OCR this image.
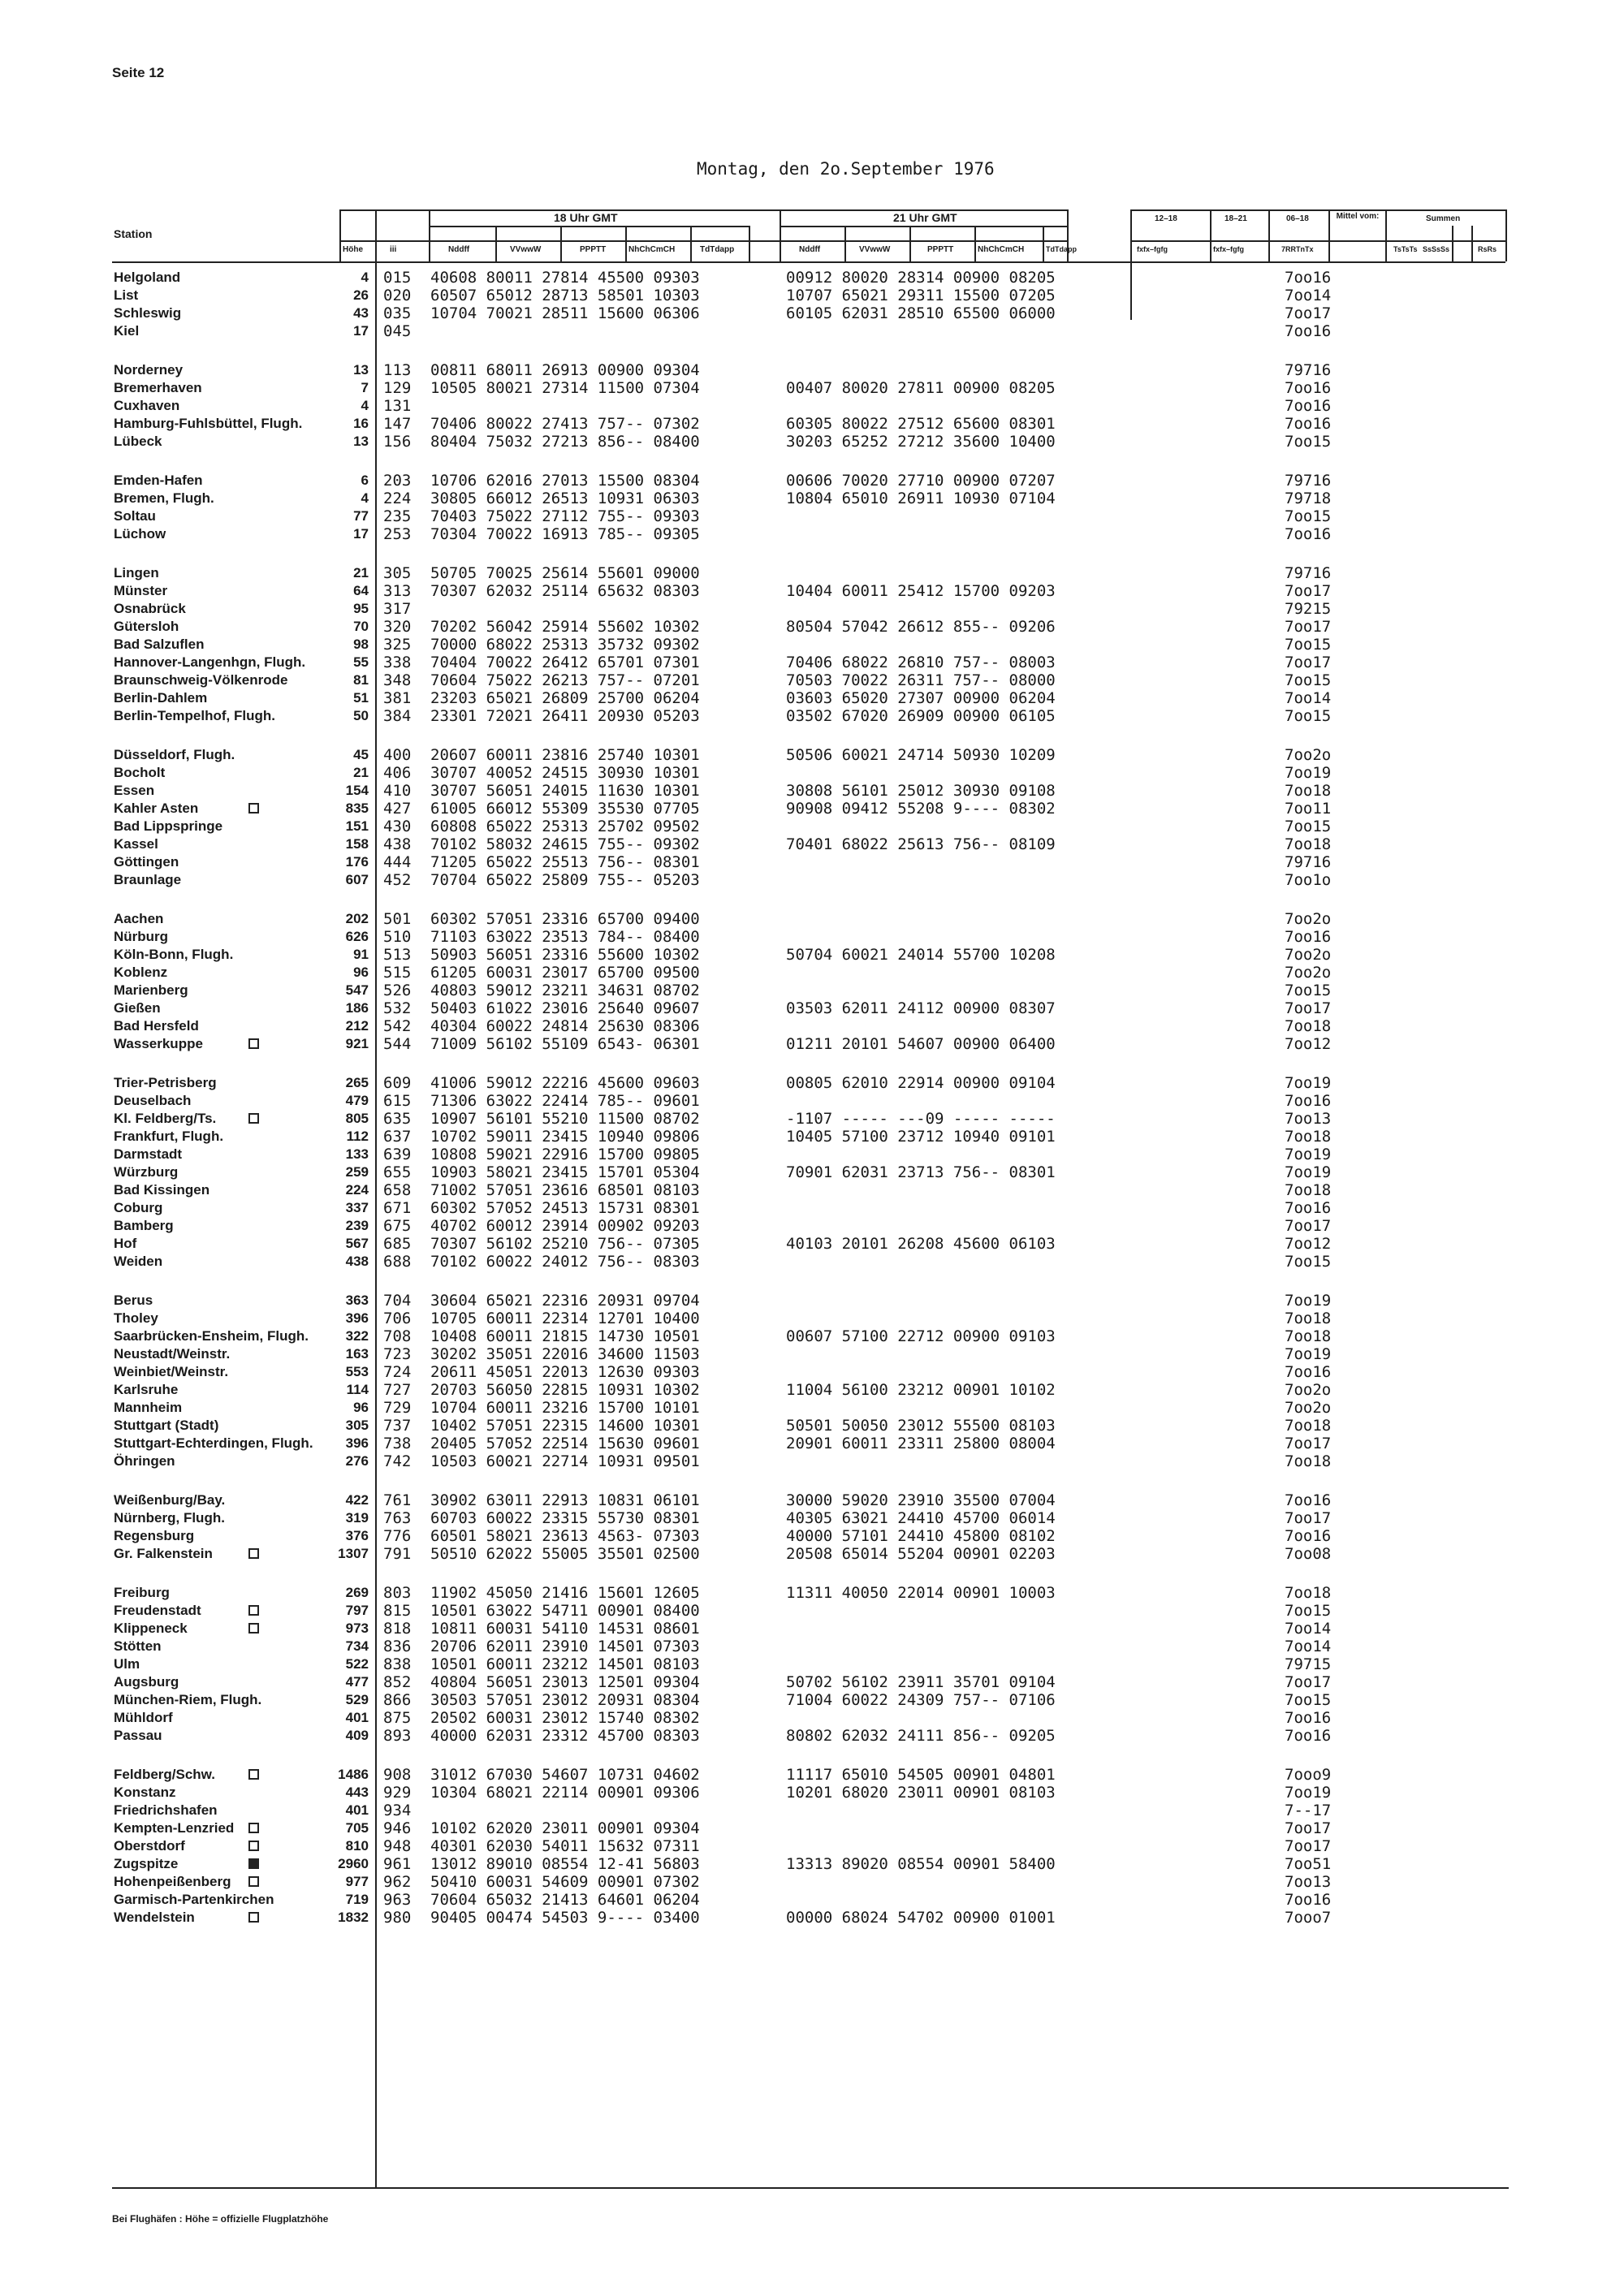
Seite 12
Montag, den 2o.September 1976
Station
Höhe	iii
18 Uhr GMT	21 Uhr GMT
Nddff	VVwwW	PPPTT	NhChCmCH	TdTdapp	Nddff	VVwwW	PPPTT	NhChCmCH	TdTdapp
12–18	18–21	06–18	Mittel vom:	Summen
fxfx–fgfg	fxfx–fgfg	7RRTnTx	TsTsTs SsSsSs	RsRs
Helgoland	4 015 40608 80011 27814 45500 09303	00912 80020 28314 00900 08205	7oo16
List	26 020 60507 65012 28713 58501 10303	10707 65021 29311 15500 07205	7oo14
Schleswig	43 035 10704 70021 28511 15600 06306	60105 62031 28510 65500 06000	7oo17
Kiel	17 045	7oo16
Norderney	13 113 00811 68011 26913 00900 09304	79716
Bremerhaven	7 129 10505 80021 27314 11500 07304	00407 80020 27811 00900 08205	7oo16
Cuxhaven	4 131	7oo16
Hamburg-Fuhlsbüttel, Flugh.	16 147 70406 80022 27413 757-- 07302	60305 80022 27512 65600 08301	7oo16
Lübeck	13 156 80404 75032 27213 856-- 08400	30203 65252 27212 35600 10400	7oo15
Emden-Hafen	6 203 10706 62016 27013 15500 08304	00606 70020 27710 00900 07207	79716
Bremen, Flugh.	4 224 30805 66012 26513 10931 06303	10804 65010 26911 10930 07104	79718
Soltau	77 235 70403 75022 27112 755-- 09303	7oo15
Lüchow	17 253 70304 70022 16913 785-- 09305	7oo16
Lingen	21 305 50705 70025 25614 55601 09000	79716
Münster	64 313 70307 62032 25114 65632 08303	10404 60011 25412 15700 09203	7oo17
Osnabrück	95 317	79215
Gütersloh	70 320 70202 56042 25914 55602 10302	80504 57042 26612 855-- 09206	7oo17
Bad Salzuflen	98 325 70000 68022 25313 35732 09302	7oo15
Hannover-Langenhgn, Flugh.	55 338 70404 70022 26412 65701 07301	70406 68022 26810 757-- 08003	7oo17
Braunschweig-Völkenrode	81 348 70604 75022 26213 757-- 07201	70503 70022 26311 757-- 08000	7oo15
Berlin-Dahlem	51 381 23203 65021 26809 25700 06204	03603 65020 27307 00900 06204	7oo14
Berlin-Tempelhof, Flugh.	50 384 23301 72021 26411 20930 05203	03502 67020 26909 00900 06105	7oo15
Düsseldorf, Flugh.	45 400 20607 60011 23816 25740 10301	50506 60021 24714 50930 10209	7oo2o
Bocholt	21 406 30707 40052 24515 30930 10301	7oo19
Essen	154 410 30707 56051 24015 11630 10301	30808 56101 25012 30930 09108	7oo18
Kahler Asten	835 427 61005 66012 55309 35530 07705	90908 09412 55208 9---- 08302	7oo11
Bad Lippspringe	151 430 60808 65022 25313 25702 09502	7oo15
Kassel	158 438 70102 58032 24615 755-- 09302	70401 68022 25613 756-- 08109	7oo18
Göttingen	176 444 71205 65022 25513 756-- 08301	79716
Braunlage	607 452 70704 65022 25809 755-- 05203	7oo1o
Aachen	202 501 60302 57051 23316 65700 09400	7oo2o
Nürburg	626 510 71103 63022 23513 784-- 08400	7oo16
Köln-Bonn, Flugh.	91 513 50903 56051 23316 55600 10302	50704 60021 24014 55700 10208	7oo2o
Koblenz	96 515 61205 60031 23017 65700 09500	7oo2o
Marienberg	547 526 40803 59012 23211 34631 08702	7oo15
Gießen	186 532 50403 61022 23016 25640 09607	03503 62011 24112 00900 08307	7oo17
Bad Hersfeld	212 542 40304 60022 24814 25630 08306	7oo18
Wasserkuppe	921 544 71009 56102 55109 6543- 06301	01211 20101 54607 00900 06400	7oo12
Trier-Petrisberg	265 609 41006 59012 22216 45600 09603	00805 62010 22914 00900 09104	7oo19
Deuselbach	479 615 71306 63022 22414 785-- 09601	7oo16
Kl. Feldberg/Ts.	805 635 10907 56101 55210 11500 08702	-1107 ----- ---09 ----- -----	7oo13
Frankfurt, Flugh.	112 637 10702 59011 23415 10940 09806	10405 57100 23712 10940 09101	7oo18
Darmstadt	133 639 10808 59021 22916 15700 09805	7oo19
Würzburg	259 655 10903 58021 23415 15701 05304	70901 62031 23713 756-- 08301	7oo19
Bad Kissingen	224 658 71002 57051 23616 68501 08103	7oo18
Coburg	337 671 60302 57052 24513 15731 08301	7oo16
Bamberg	239 675 40702 60012 23914 00902 09203	7oo17
Hof	567 685 70307 56102 25210 756-- 07305	40103 20101 26208 45600 06103	7oo12
Weiden	438 688 70102 60022 24012 756-- 08303	7oo15
Berus	363 704 30604 65021 22316 20931 09704	7oo19
Tholey	396 706 10705 60011 22314 12701 10400	7oo18
Saarbrücken-Ensheim, Flugh.	322 708 10408 60011 21815 14730 10501	00607 57100 22712 00900 09103	7oo18
Neustadt/Weinstr.	163 723 30202 35051 22016 34600 11503	7oo19
Weinbiet/Weinstr.	553 724 20611 45051 22013 12630 09303	7oo16
Karlsruhe	114 727 20703 56050 22815 10931 10302	11004 56100 23212 00901 10102	7oo2o
Mannheim	96 729 10704 60011 23216 15700 10101	7oo2o
Stuttgart (Stadt)	305 737 10402 57051 22315 14600 10301	50501 50050 23012 55500 08103	7oo18
Stuttgart-Echterdingen, Flugh.	396 738 20405 57052 22514 15630 09601	20901 60011 23311 25800 08004	7oo17
Öhringen	276 742 10503 60021 22714 10931 09501	7oo18
Weißenburg/Bay.	422 761 30902 63011 22913 10831 06101	30000 59020 23910 35500 07004	7oo16
Nürnberg, Flugh.	319 763 60703 60022 23315 55730 08301	40305 63021 24410 45700 06014	7oo17
Regensburg	376 776 60501 58021 23613 4563- 07303	40000 57101 24410 45800 08102	7oo16
Gr. Falkenstein	1307 791 50510 62022 55005 35501 02500	20508 65014 55204 00901 02203	7oo08
Freiburg	269 803 11902 45050 21416 15601 12605	11311 40050 22014 00901 10003	7oo18
Freudenstadt	797 815 10501 63022 54711 00901 08400	7oo15
Klippeneck	973 818 10811 60031 54110 14531 08601	7oo14
Stötten	734 836 20706 62011 23910 14501 07303	7oo14
Ulm	522 838 10501 60011 23212 14501 08103	79715
Augsburg	477 852 40804 56051 23013 12501 09304	50702 56102 23911 35701 09104	7oo17
München-Riem, Flugh.	529 866 30503 57051 23012 20931 08304	71004 60022 24309 757-- 07106	7oo15
Mühldorf	401 875 20502 60031 23012 15740 08302	7oo16
Passau	409 893 40000 62031 23312 45700 08303	80802 62032 24111 856-- 09205	7oo16
Feldberg/Schw.	1486 908 31012 67030 54607 10731 04602	11117 65010 54505 00901 04801	7ooo9
Konstanz	443 929 10304 68021 22114 00901 09306	10201 68020 23011 00901 08103	7oo19
Friedrichshafen	401 934	7--17
Kempten-Lenzried	705 946 10102 62020 23011 00901 09304	7oo17
Oberstdorf	810 948 40301 62030 54011 15632 07311	7oo17
Zugspitze	2960 961 13012 89010 08554 12-41 56803	13313 89020 08554 00901 58400	7oo51
Hohenpeißenberg	977 962 50410 60031 54609 00901 07302	7oo13
Garmisch-Partenkirchen	719 963 70604 65032 21413 64601 06204	7oo16
Wendelstein	1832 980 90405 00474 54503 9---- 03400	00000 68024 54702 00900 01001	7ooo7
Bei Flughäfen : Höhe = offizielle Flugplatzhöhe
